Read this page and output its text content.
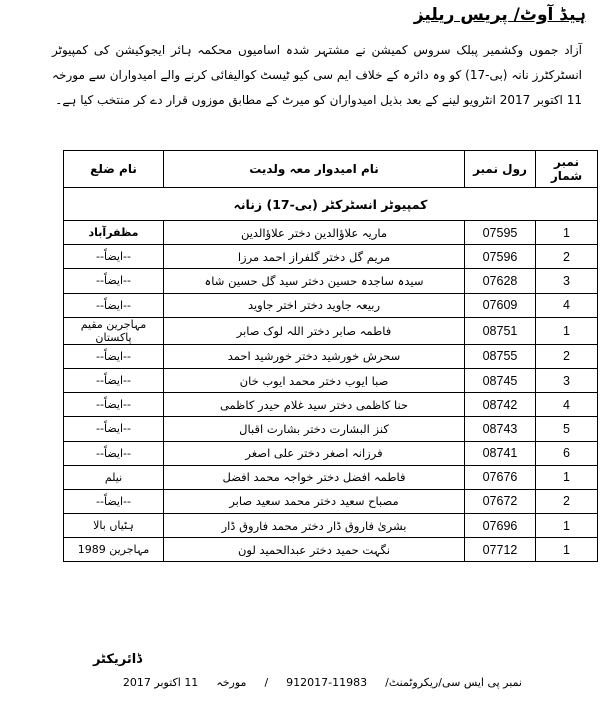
ہیڈ آوٹ/ پریس ریلیز
آزاد جموں وکشمیر پبلک سروس کمیشن نے مشتہر شدہ اسامیوں محکمہ ہائر ایجوکیشن کی کمپیوٹر انسٹرکٹرز نانہ (بی-17) کو وہ دائرہ کے خلاف ایم سی کیو ٹیسٹ کوالیفائی کرنے والے امیدواران سے مورخہ 11 اکتوبر 2017 انٹرویو لینے کے بعد بذیل امیدواران کو میرٹ کے مطابق موزوں قرار دے کر منتخب کیا ہے۔
نمبر شمار	رول نمبر	نام امیدوار معہ ولدیت	نام ضلع
کمپیوٹر انسٹرکٹر (بی-17) زنانہ			
1	07595	ماریہ علاؤالدین دختر علاؤالدین	مظفرآباد
2	07596	مریم گل دختر گلفراز احمد مرزا	--ایضاً--
3	07628	سیدہ ساجدہ حسین دختر سید گل حسین شاہ	--ایضاً--
4	07609	ربیعہ جاوید دختر اختر جاوید	--ایضاً--
1	08751	فاطمہ صابر دختر اللہ لوک صابر	مہاجرین مقیم پاکستان
2	08755	سحرش خورشید دختر خورشید احمد	--ایضاً--
3	08745	صبا ایوب دختر محمد ایوب خان	--ایضاً--
4	08742	حنا کاظمی دختر سید غلام حیدر کاظمی	--ایضاً--
5	08743	کنز البشارت دختر بشارت اقبال	--ایضاً--
6	08741	فرزانہ اصغر دختر علی اصغر	--ایضاً--
1	07676	فاطمہ افضل دختر خواجہ محمد افضل	نیلم
2	07672	مصباح سعید دختر محمد سعید صابر	--ایضاً--
1	07696	بشریٰ فاروق ڈار دختر محمد فاروق ڈار	ہٹیاں بالا
1	07712	نگہت حمید دختر عبدالحمید لون	مہاجرین 1989
ڈائریکٹر
نمبر پی ایس سی/ریکروٹمنٹ/11983-912017/مورخہ11 اکتوبر 2017
